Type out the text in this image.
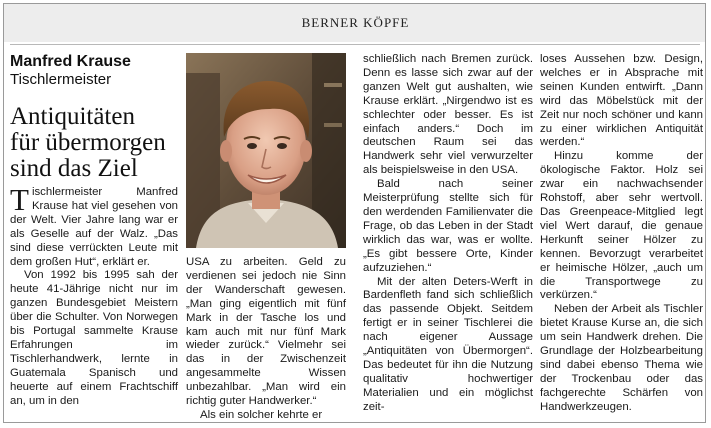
BERNER KÖPFE
Manfred Krause
Tischlermeister
Antiquitäten
für übermorgen
sind das Ziel

Tischlermeister Manfred Krause hat viel gesehen von der Welt. Vier Jahre lang war er als Geselle auf der Walz. „Das sind diese verrückten Leute mit dem großen Hut“, erklärt er.

Von 1992 bis 1995 sah der heute 41-Jährige nicht nur im ganzen Bundesgebiet Meistern über die Schulter. Von Norwegen bis Portugal sammelte Krause Erfahrungen im Tischlerhandwerk, lernte in Guatemala Spanisch und heuerte auf einem Frachtschiff an, um in den

USA zu arbeiten. Geld zu verdienen sei jedoch nie Sinn der Wanderschaft gewesen. „Man ging eigentlich mit fünf Mark in der Tasche los und kam auch mit nur fünf Mark wieder zurück.“ Vielmehr sei das in der Zwischenzeit angesammelte Wissen unbezahlbar. „Man wird ein richtig guter Handwerker.“

Als ein solcher kehrte er

schließlich nach Bremen zurück. Denn es lasse sich zwar auf der ganzen Welt gut aushalten, wie Krause erklärt. „Nirgendwo ist es schlechter oder besser. Es ist einfach anders.“ Doch im deutschen Raum sei das Handwerk sehr viel verwurzelter als beispielsweise in den USA.

Bald nach seiner Meisterprüfung stellte sich für den werdenden Familienvater die Frage, ob das Leben in der Stadt wirklich das war, was er wollte. „Es gibt bessere Orte, Kinder aufzuziehen.“

Mit der alten Deters-Werft in Bardenfleth fand sich schließlich das passende Objekt. Seitdem fertigt er in seiner Tischlerei die nach eigener Aussage „Antiquitäten von Übermorgen“. Das bedeutet für ihn die Nutzung qualitativ hochwertiger Materialien und ein möglichst zeit-

loses Aussehen bzw. Design, welches er in Absprache mit seinen Kunden entwirft. „Dann wird das Möbelstück mit der Zeit nur noch schöner und kann zu einer wirklichen Antiquität werden.“

Hinzu komme der ökologische Faktor. Holz sei zwar ein nachwachsender Rohstoff, aber sehr wertvoll. Das Greenpeace-Mitglied legt viel Wert darauf, die genaue Herkunft seiner Hölzer zu kennen. Bevorzugt verarbeitet er heimische Hölzer, „auch um die Transportwege zu verkürzen.“

Neben der Arbeit als Tischler bietet Krause Kurse an, die sich um sein Handwerk drehen. Die Grundlage der Holzbearbeitung sind dabei ebenso Thema wie der Trockenbau oder das fachgerechte Schärfen von Handwerkzeugen.
